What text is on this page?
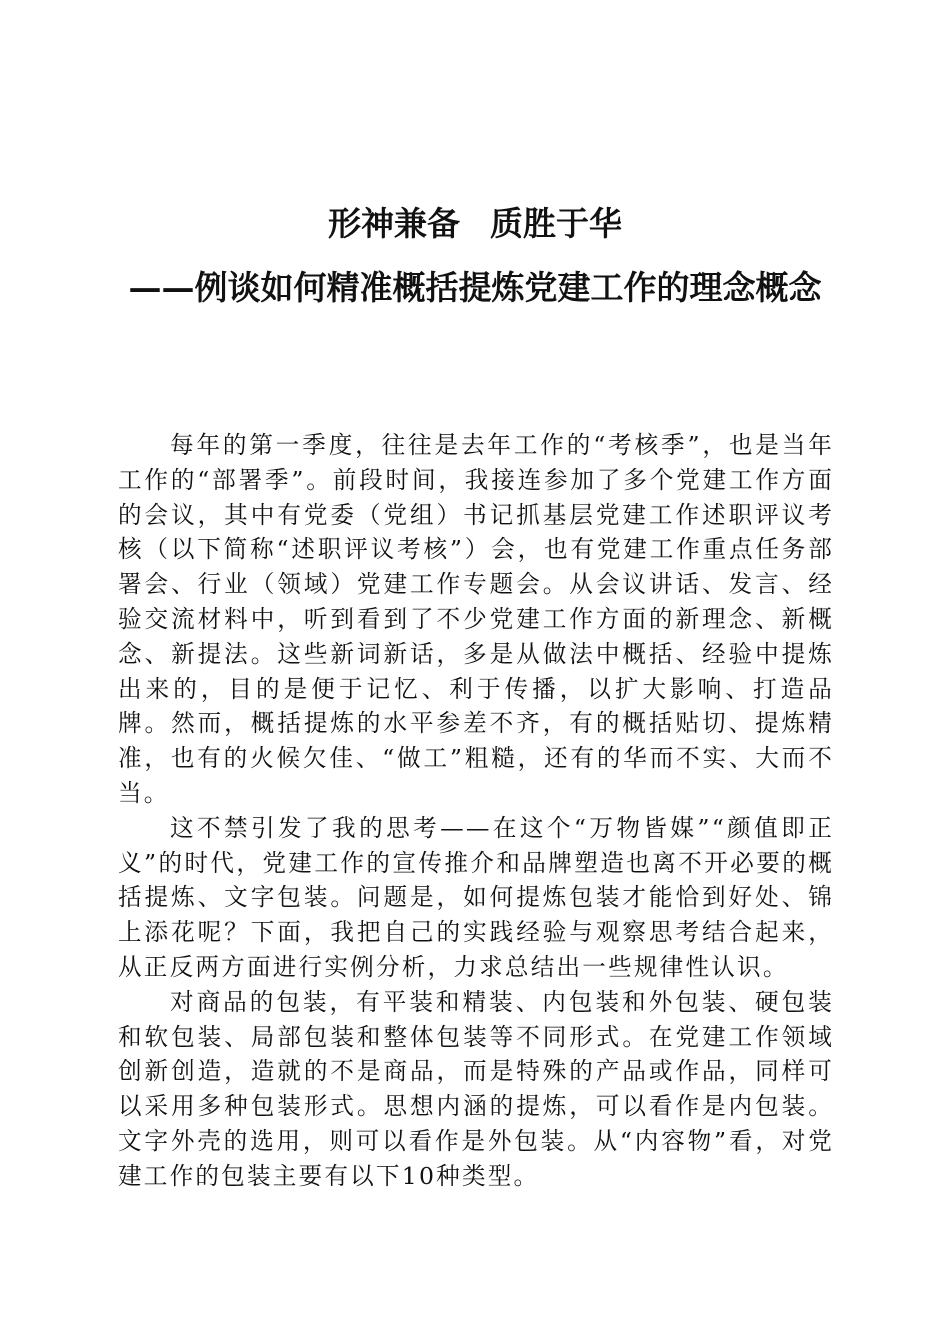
形神兼备 质胜于华

——例谈如何精准概括提炼党建工作的理念概念

每年的第一季度，往往是去年工作的“考核季”，也是当年工作的“部署季”。前段时间，我接连参加了多个党建工作方面的会议，其中有党委（党组）书记抓基层党建工作述职评议考核（以下简称“述职评议考核”）会，也有党建工作重点任务部署会、行业（领域）党建工作专题会。从会议讲话、发言、经验交流材料中，听到看到了不少党建工作方面的新理念、新概念、新提法。这些新词新话，多是从做法中概括、经验中提炼出来的，目的是便于记忆、利于传播，以扩大影响、打造品牌。然而，概括提炼的水平参差不齐，有的概括贴切、提炼精准，也有的火候欠佳、“做工”粗糙，还有的华而不实、大而不当。

这不禁引发了我的思考——在这个“万物皆媒”“颜值即正义”的时代，党建工作的宣传推介和品牌塑造也离不开必要的概括提炼、文字包装。问题是，如何提炼包装才能恰到好处、锦上添花呢？下面，我把自己的实践经验与观察思考结合起来，从正反两方面进行实例分析，力求总结出一些规律性认识。

对商品的包装，有平装和精装、内包装和外包装、硬包装和软包装、局部包装和整体包装等不同形式。在党建工作领域创新创造，造就的不是商品，而是特殊的产品或作品，同样可以采用多种包装形式。思想内涵的提炼，可以看作是内包装。文字外壳的选用，则可以看作是外包装。从“内容物”看，对党建工作的包装主要有以下10种类型。
